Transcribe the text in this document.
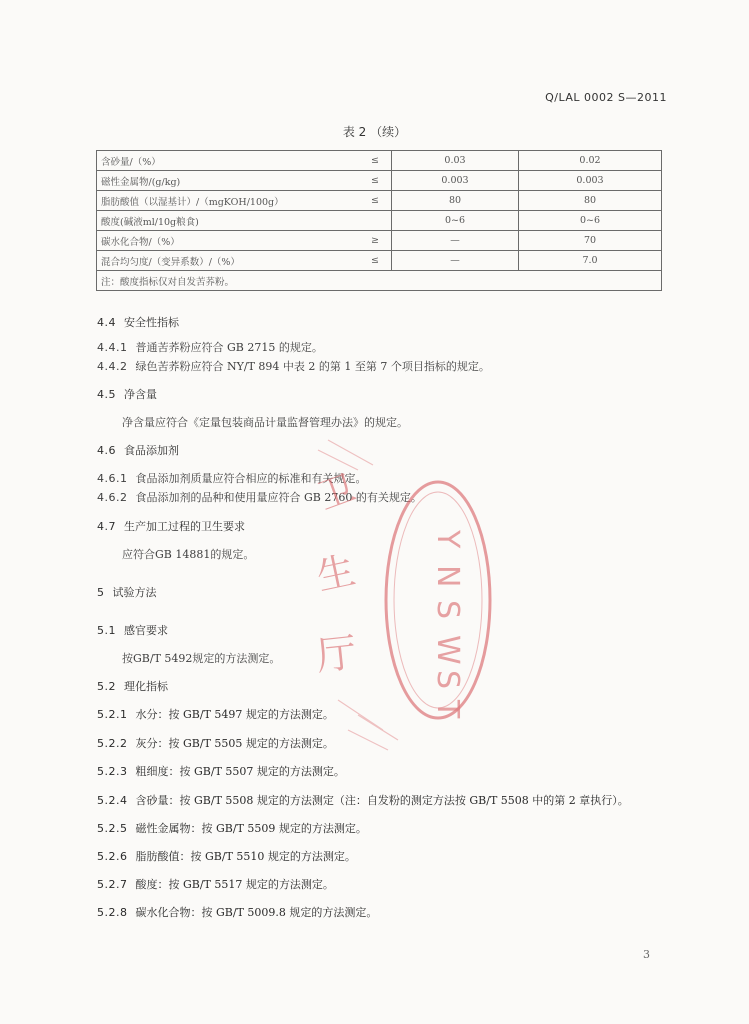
Q/LAL 0002 S—2011
表 2 （续）
含砂量/（%）	≤	0.03	0.02
磁性金属物/(g/kg)	≤	0.003	0.003
脂肪酸值（以湿基计）/（mgKOH/100g）	≤	80	80
酸度(碱液ml/10g粮食)		0~6	0~6
碳水化合物/（%）	≥	—	70
混合均匀度/（变异系数）/（%）	≤	—	7.0
注：酸度指标仅对自发苦荞粉。			
4.4 安全性指标
4.4.1 普通苦荞粉应符合 GB 2715 的规定。
4.4.2 绿色苦荞粉应符合 NY/T 894 中表 2 的第 1 至第 7 个项目指标的规定。
4.5 净含量
净含量应符合《定量包装商品计量监督管理办法》的规定。
4.6 食品添加剂
4.6.1 食品添加剂质量应符合相应的标准和有关规定。
4.6.2 食品添加剂的品种和使用量应符合 GB 2760 的有关规定。
4.7 生产加工过程的卫生要求
应符合GB 14881的规定。
5 试验方法
5.1 感官要求
按GB/T 5492规定的方法测定。
5.2 理化指标
5.2.1 水分：按 GB/T 5497 规定的方法测定。
5.2.2 灰分：按 GB/T 5505 规定的方法测定。
5.2.3 粗细度：按 GB/T 5507 规定的方法测定。
5.2.4 含砂量：按 GB/T 5508 规定的方法测定（注：自发粉的测定方法按 GB/T 5508 中的第 2 章执行）。
5.2.5 磁性金属物：按 GB/T 5509 规定的方法测定。
5.2.6 脂肪酸值：按 GB/T 5510 规定的方法测定。
5.2.7 酸度：按 GB/T 5517 规定的方法测定。
5.2.8 碳水化合物：按 GB/T 5009.8 规定的方法测定。
卫
生
厅
Y
N
S
W
S
T
3
